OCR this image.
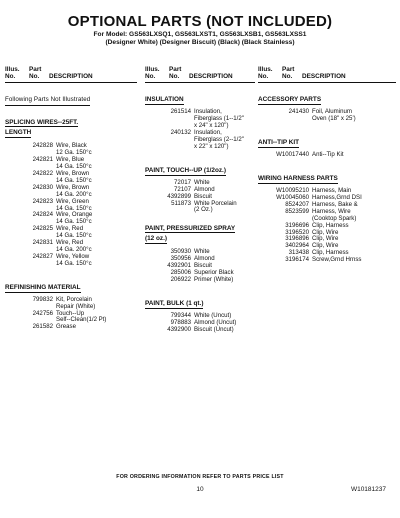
OPTIONAL PARTS (NOT INCLUDED)
For Model: GS563LXSQ1, GS563LXST1, GS563LXSB1, GS563LXSS1
(Designer White) (Designer Biscuit) (Black) (Black Stainless)
Illus.
No.
Part
No.
	DESCRIPTION
Following Parts Not Illustrated
SPLICING WIRES--25FT.
LENGTH
242828 Wire, Black
12 Ga. 150°c
242821 Wire, Blue
14 Ga. 150°c
242822 Wire, Brown
14 Ga. 150°c
242830 Wire, Brown
14 Ga. 200°c
242823 Wire, Green
14 Ga. 150°c
242824 Wire, Orange
14 Ga. 150°c
242825 Wire, Red
14 Ga. 150°c
242831 Wire, Red
14 Ga. 200°c
242827 Wire, Yellow
14 Ga. 150°c
REFINISHING MATERIAL
799832 Kit, Porcelain
Repair (White)
242756 Touch--Up
Self--Clean(1/2 Pt)
261582 Grease
Illus.
No.
Part
No.
	DESCRIPTION
INSULATION
261514 Insulation,
Fiberglass (1--1/2"
x 24" x 120")
240132 Insulation,
Fiberglass (2--1/2"
x 22" x 120")
PAINT, TOUCH--UP (1/2oz.)
72017 White
72107 Almond
4392899 Biscuit
511873 White Porcelain
(2 Oz.)
PAINT, PRESSURIZED SPRAY
(12 oz.)
350930 White
350956 Almond
4392901 Biscuit
285006 Superior Black
206922 Primer (White)
PAINT, BULK (1 qt.)
799344 White (Uncut)
978883 Almond (Uncut)
4392900 Biscuit (Uncut)
Illus.
No.
Part
No.
	DESCRIPTION
ACCESSORY PARTS
241430 Foil, Aluminum
Oven (18" x 25')
ANTI--TIP KIT
W10017440 Anti--Tip Kit
WIRING HARNESS PARTS
W10095210 Harness, Main
W10045060 Harness,Grnd DSI
8524207 Harness, Bake &
8523599 Harness, Wire
(Cooktop Spark)
3196696 Clip, Harness
3196520 Clip, Wire
3196896 Clip, Wire
3402964 Clip, Wire
313438 Clip, Harness
3196174 Screw,Grnd Hrnss
FOR ORDERING INFORMATION REFER TO PARTS PRICE LIST
10	W10181237
